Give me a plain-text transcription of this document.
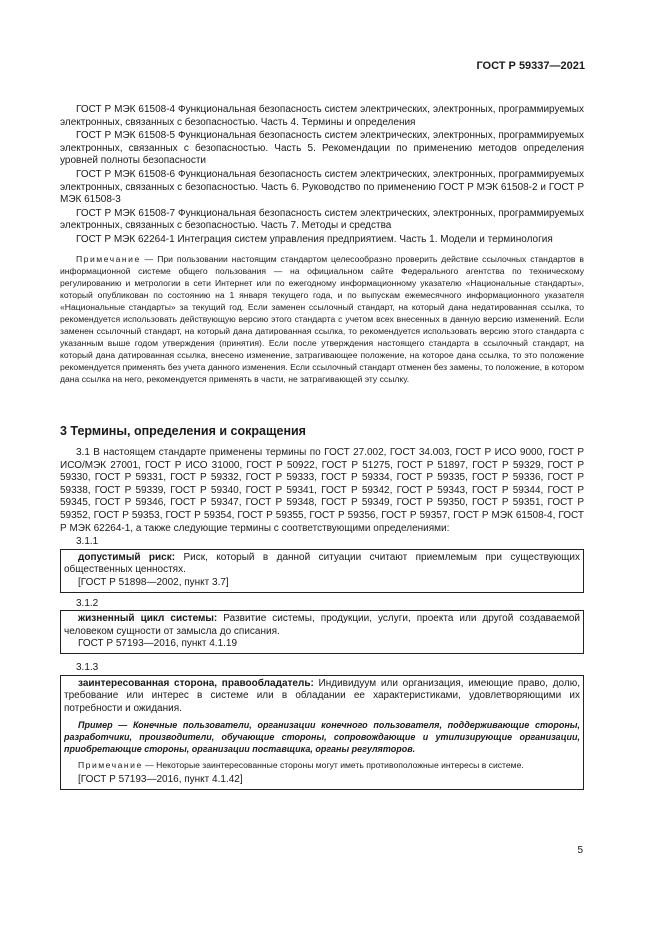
ГОСТ Р 59337—2021

ГОСТ Р МЭК 61508-4 Функциональная безопасность систем электрических, электронных, программируемых электронных, связанных с безопасностью. Часть 4. Термины и определения

ГОСТ Р МЭК 61508-5 Функциональная безопасность систем электрических, электронных, программируемых электронных, связанных с безопасностью. Часть 5. Рекомендации по применению методов определения уровней полноты безопасности

ГОСТ Р МЭК 61508-6 Функциональная безопасность систем электрических, электронных, программируемых электронных, связанных с безопасностью. Часть 6. Руководство по применению ГОСТ Р МЭК 61508-2 и ГОСТ Р МЭК 61508-3

ГОСТ Р МЭК 61508-7 Функциональная безопасность систем электрических, электронных, программируемых электронных, связанных с безопасностью. Часть 7. Методы и средства

ГОСТ Р МЭК 62264-1 Интеграция систем управления предприятием. Часть 1. Модели и терминология

Примечание — При пользовании настоящим стандартом целесообразно проверить действие ссылочных стандартов в информационной системе общего пользования — на официальном сайте Федерального агентства по техническому регулированию и метрологии в сети Интернет или по ежегодному информационному указателю «Национальные стандарты», который опубликован по состоянию на 1 января текущего года, и по выпускам ежемесячного информационного указателя «Национальные стандарты» за текущий год. Если заменен ссылочный стандарт, на который дана недатированная ссылка, то рекомендуется использовать действующую версию этого стандарта с учетом всех внесенных в данную версию изменений. Если заменен ссылочный стандарт, на который дана датированная ссылка, то рекомендуется использовать версию этого стандарта с указанным выше годом утверждения (принятия). Если после утверждения настоящего стандарта в ссылочный стандарт, на который дана датированная ссылка, внесено изменение, затрагивающее положение, на которое дана ссылка, то это положение рекомендуется применять без учета данного изменения. Если ссылочный стандарт отменен без замены, то положение, в котором дана ссылка на него, рекомендуется применять в части, не затрагивающей эту ссылку.

3 Термины, определения и сокращения

3.1 В настоящем стандарте применены термины по ГОСТ 27.002, ГОСТ 34.003, ГОСТ Р ИСО 9000, ГОСТ Р ИСО/МЭК 27001, ГОСТ Р ИСО 31000, ГОСТ Р 50922, ГОСТ Р 51275, ГОСТ Р 51897, ГОСТ Р 59329, ГОСТ Р 59330, ГОСТ Р 59331, ГОСТ Р 59332, ГОСТ Р 59333, ГОСТ Р 59334, ГОСТ Р 59335, ГОСТ Р 59336, ГОСТ Р 59338, ГОСТ Р 59339, ГОСТ Р 59340, ГОСТ Р 59341, ГОСТ Р 59342, ГОСТ Р 59343, ГОСТ Р 59344, ГОСТ Р 59345, ГОСТ Р 59346, ГОСТ Р 59347, ГОСТ Р 59348, ГОСТ Р 59349, ГОСТ Р 59350, ГОСТ Р 59351, ГОСТ Р 59352, ГОСТ Р 59353, ГОСТ Р 59354, ГОСТ Р 59355, ГОСТ Р 59356, ГОСТ Р 59357, ГОСТ Р МЭК 61508-4, ГОСТ Р МЭК 62264-1, а также следующие термины с соответствующими определениями:

3.1.1

допустимый риск: Риск, который в данной ситуации считают приемлемым при существующих общественных ценностях.

[ГОСТ Р 51898—2002, пункт 3.7]

3.1.2

жизненный цикл системы: Развитие системы, продукции, услуги, проекта или другой создаваемой человеком сущности от замысла до списания.

ГОСТ Р 57193—2016, пункт 4.1.19

3.1.3

заинтересованная сторона, правообладатель: Индивидуум или организация, имеющие право, долю, требование или интерес в системе или в обладании ее характеристиками, удовлетворяющими их потребности и ожидания.

Пример — Конечные пользователи, организации конечного пользователя, поддерживающие стороны, разработчики, производители, обучающие стороны, сопровождающие и утилизирующие организации, приобретающие стороны, организации поставщика, органы регуляторов.

Примечание — Некоторые заинтересованные стороны могут иметь противоположные интересы в системе.

[ГОСТ Р 57193—2016, пункт 4.1.42]

5
